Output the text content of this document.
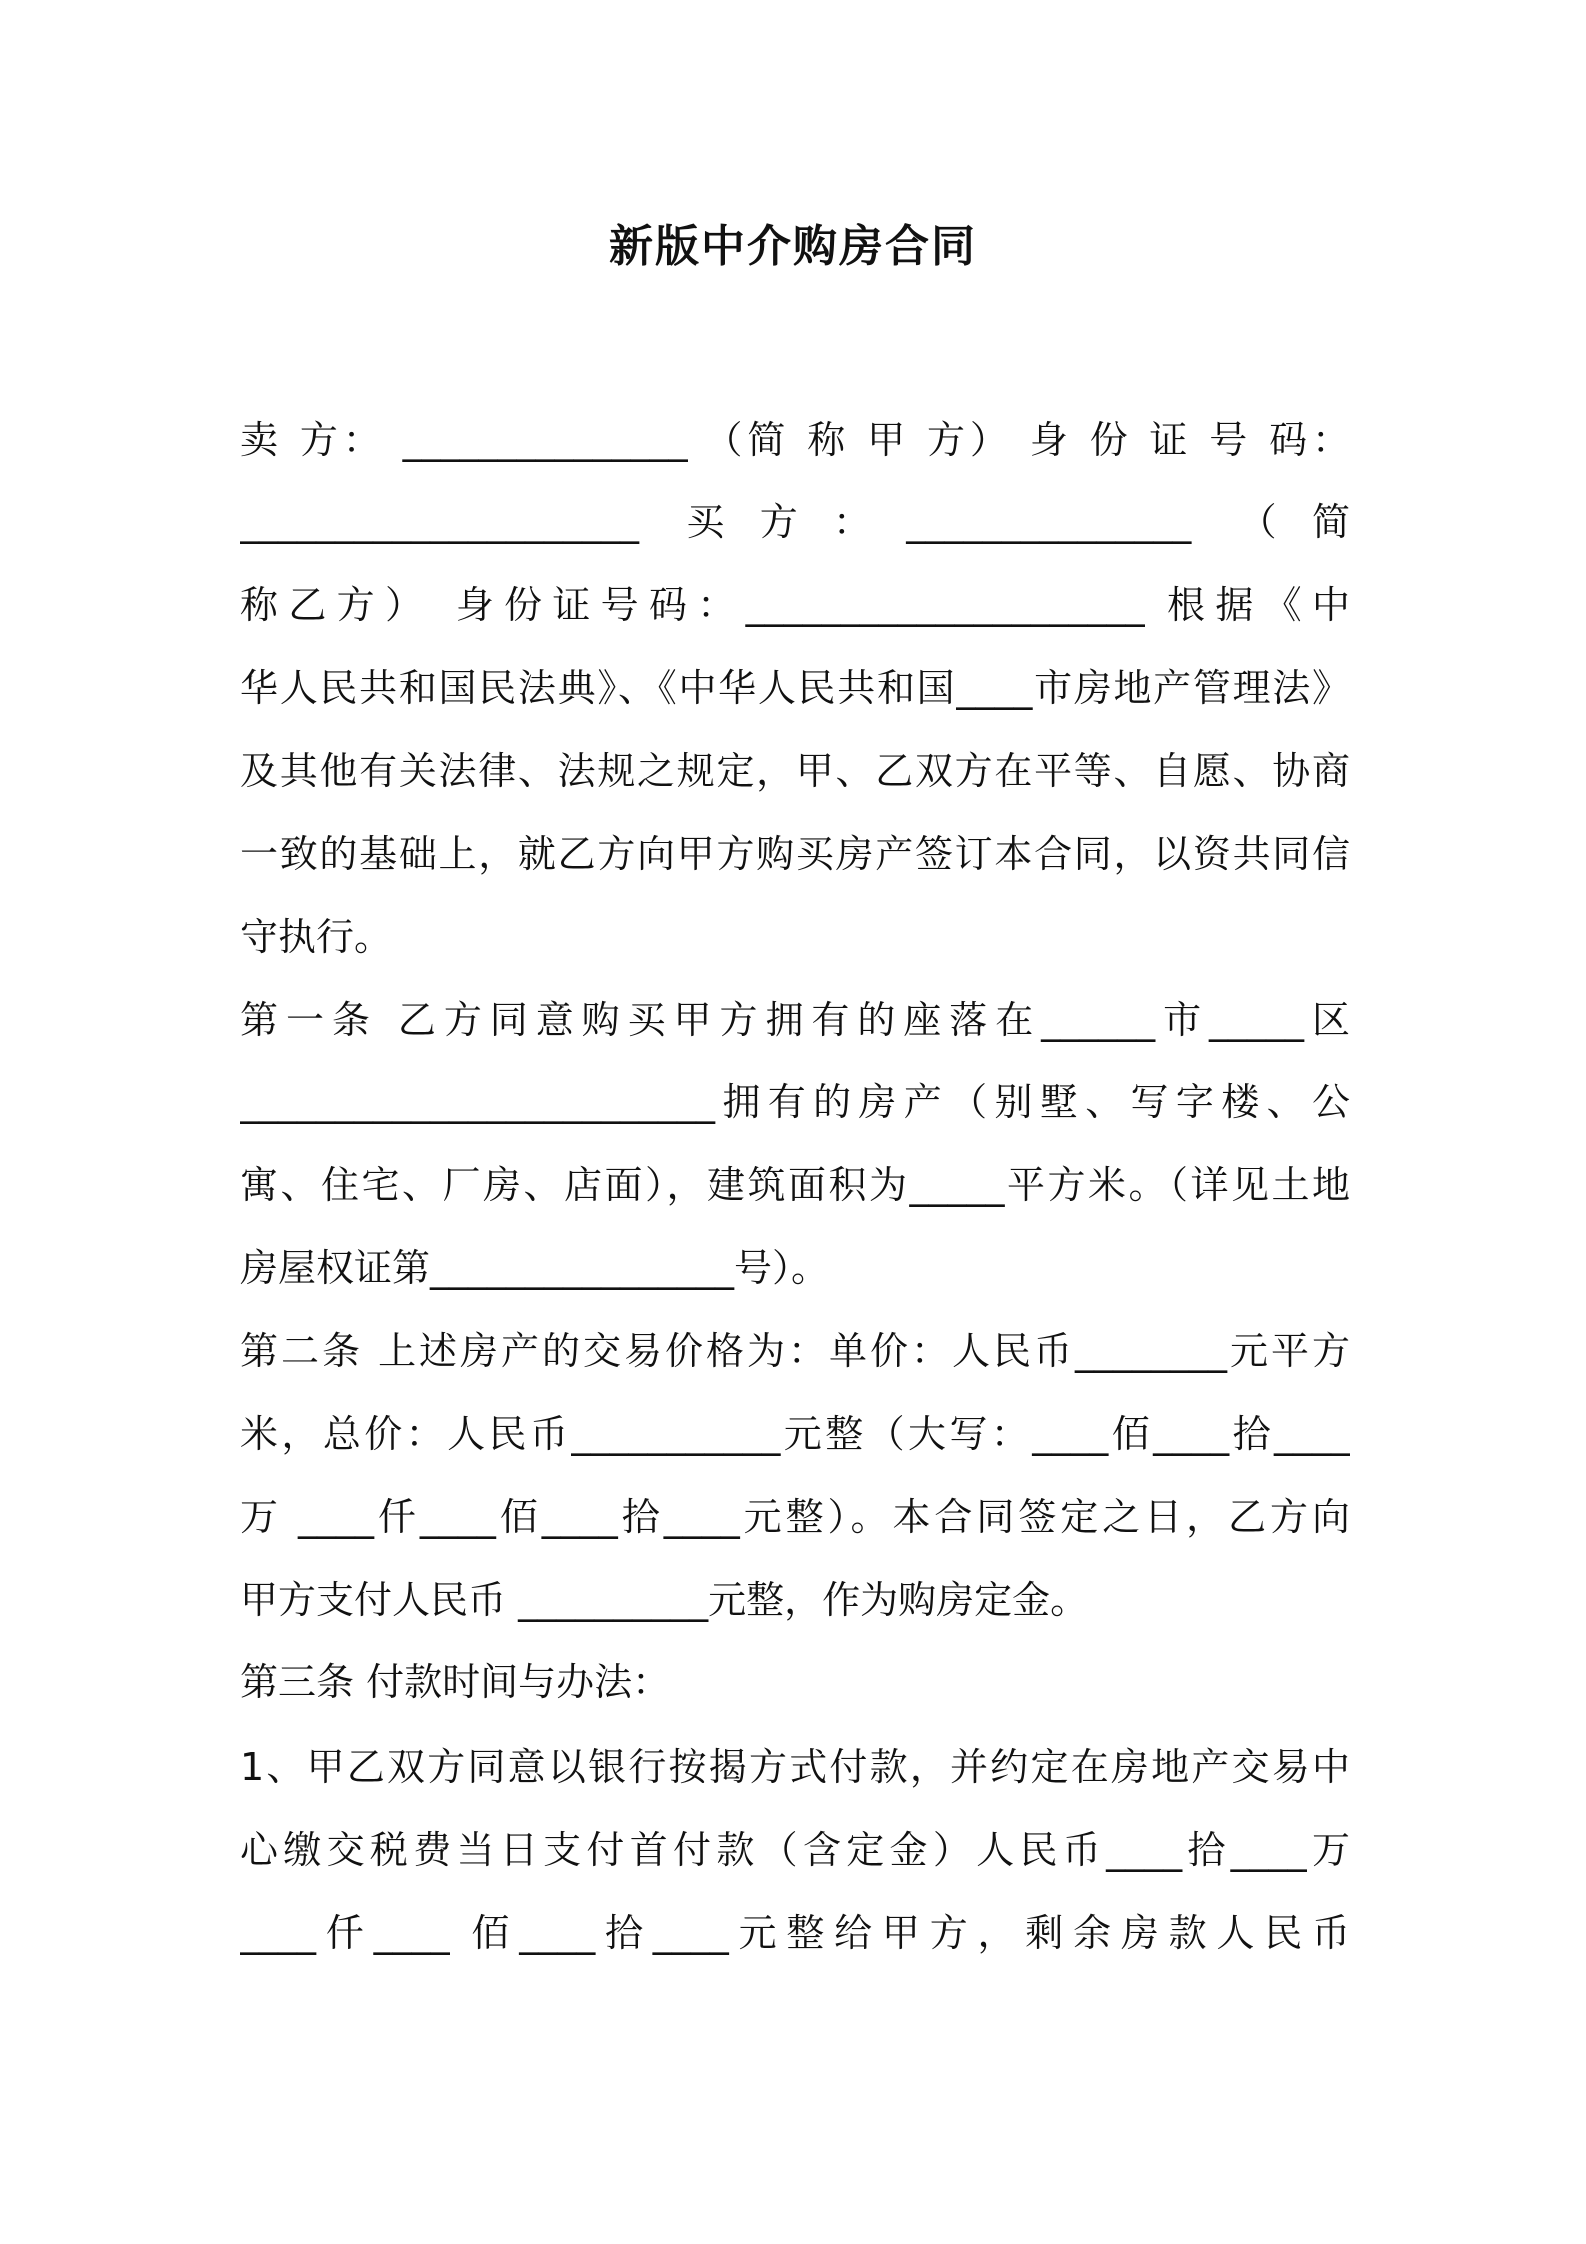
新版中介购房合同
卖 方： _______________ （简 称 甲 方） 身 份 证 号 码：
_____________________ 买方：_______________ （简
称乙方） 身份证号码：_____________________ 根据《中
华人民共和国民法典》、《中华人民共和国____市房地产管理法》
及其他有关法律、法规之规定，甲、乙双方在平等、自愿、协商
一致的基础上，就乙方向甲方购买房产签订本合同，以资共同信
守执行。
第一条 乙方同意购买甲方拥有的座落在______市_____区
_________________________拥有的房产（别墅、写字楼、公
寓、住宅、厂房、店面），建筑面积为_____平方米。（详见土地
房屋权证第________________号）。
第二条 上述房产的交易价格为：单价：人民币________元平方
米，总价：人民币___________元整（大写：____佰____拾____
万 ____仟____佰____拾____元整）。本合同签定之日，乙方向
甲方支付人民币 __________元整，作为购房定金。
第三条 付款时间与办法：
1、甲乙双方同意以银行按揭方式付款，并约定在房地产交易中
心缴交税费当日支付首付款（含定金）人民币____拾____万
____仟____ 佰____拾____元整给甲方，剩余房款人民币
